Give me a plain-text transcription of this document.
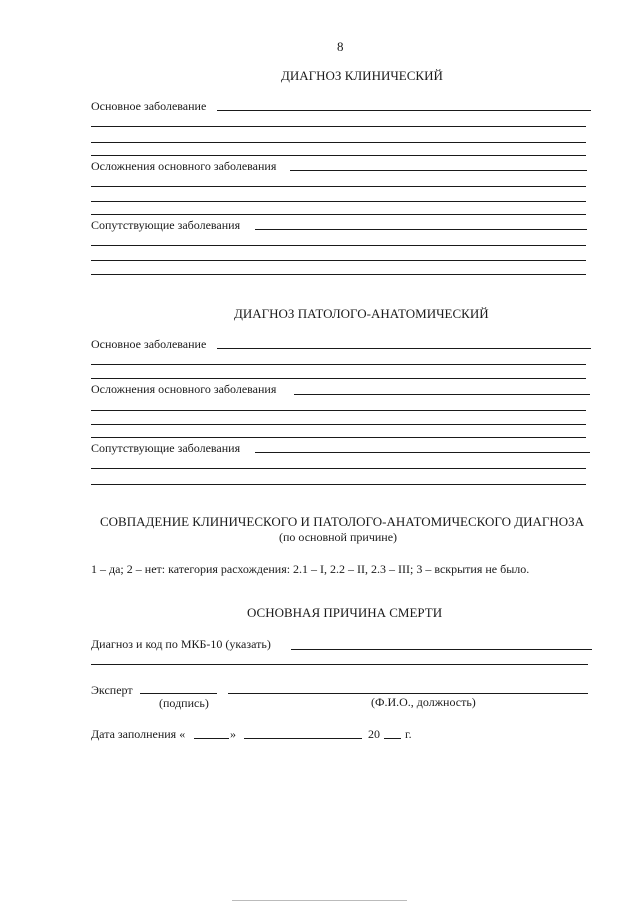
8
ДИАГНОЗ КЛИНИЧЕСКИЙ
Основное заболевание
Осложнения основного заболевания
Сопутствующие заболевания
ДИАГНОЗ ПАТОЛОГО-АНАТОМИЧЕСКИЙ
Основное заболевание
Осложнения основного заболевания
Сопутствующие заболевания
СОВПАДЕНИЕ КЛИНИЧЕСКОГО И ПАТОЛОГО-АНАТОМИЧЕСКОГО ДИАГНОЗА
(по основной причине)
1 – да; 2 – нет: категория расхождения: 2.1 – I, 2.2 – II, 2.3 – III; 3 – вскрытия не было.
ОСНОВНАЯ ПРИЧИНА СМЕРТИ
Диагноз и код по МКБ-10 (указать)
Эксперт
(подпись)	(Ф.И.О., должность)
Дата заполнения «	»	20 г.
